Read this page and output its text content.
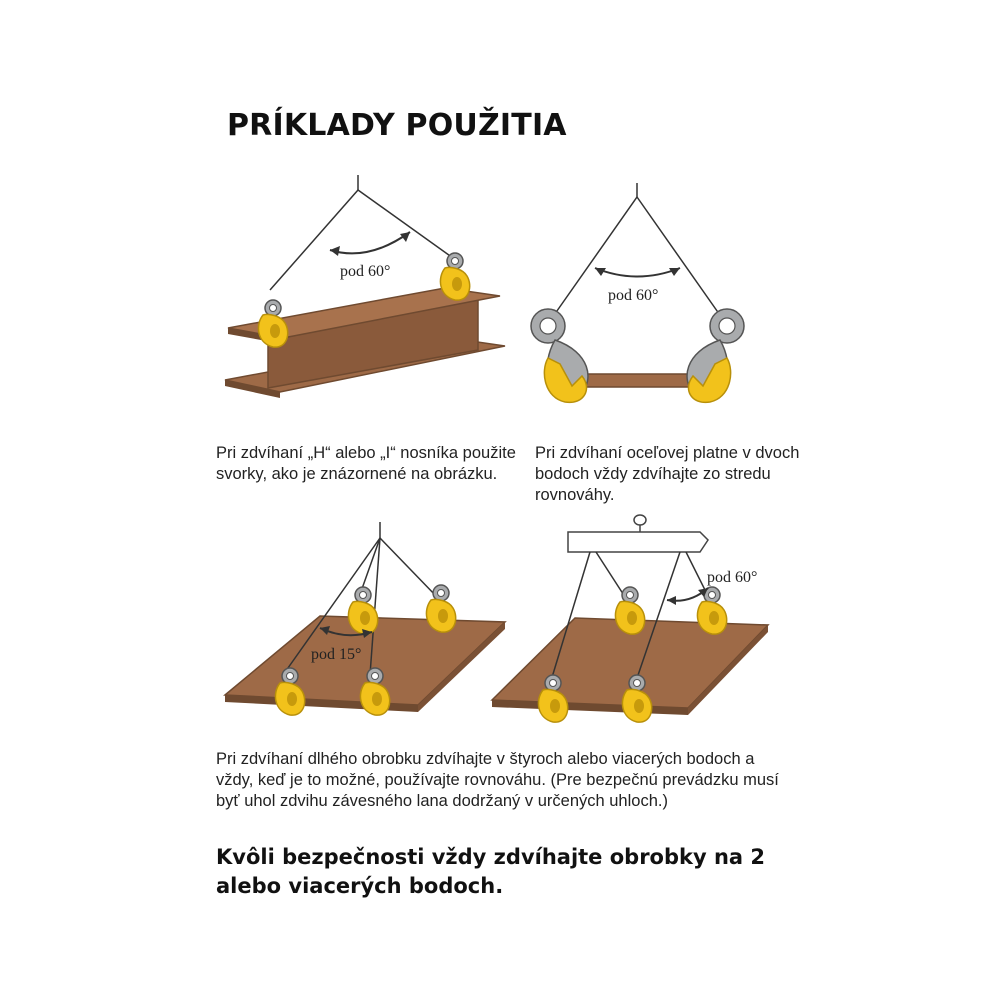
PRÍKLADY POUŽITIA
pod 60°
pod 60°
pod 15°
pod 60°
Pri zdvíhaní „H“ alebo „I“ nosníka použite svorky, ako je znázornené na obrázku.
Pri zdvíhaní oceľovej platne v dvoch bodoch vždy zdvíhajte zo stredu rovnováhy.
Pri zdvíhaní dlhého obrobku zdvíhajte v štyroch alebo viacerých bodoch a vždy, keď je to možné, používajte rovnováhu. (Pre bezpečnú prevádzku musí byť uhol zdvihu závesného lana dodržaný v určených uhloch.)
Kvôli bezpečnosti vždy zdvíhajte obrobky na 2 alebo viacerých bodoch.
